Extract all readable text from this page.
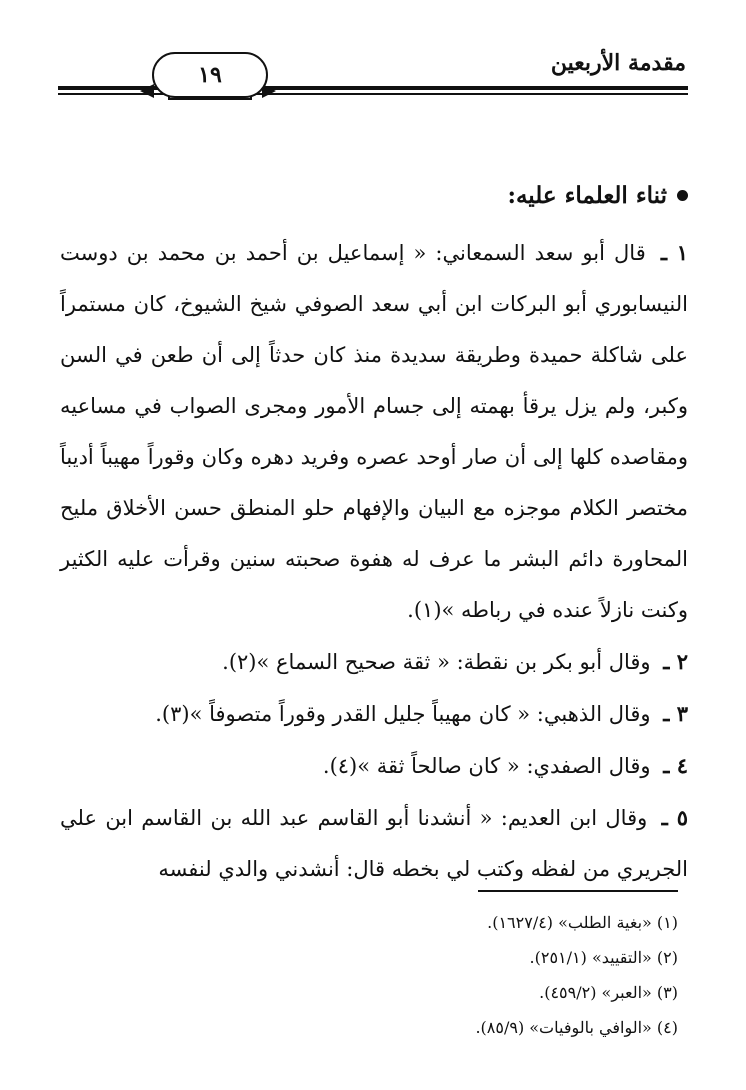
مقدمة الأربعين
١٩
ثناء العلماء عليه:

١ ـ قال أبو سعد السمعاني: « إسماعيل بن أحمد بن محمد بن دوست النيسابوري أبو البركات ابن أبي سعد الصوفي شيخ الشيوخ، كان مستمراً على شاكلة حميدة وطريقة سديدة منذ كان حدثاً إلى أن طعن في السن وكبر، ولم يزل يرقأ بهمته إلى جسام الأمور ومجرى الصواب في مساعيه ومقاصده كلها إلى أن صار أوحد عصره وفريد دهره وكان وقوراً مهيباً أديباً مختصر الكلام موجزه مع البيان والإفهام حلو المنطق حسن الأخلاق مليح المحاورة دائم البشر ما عرف له هفوة صحبته سنين وقرأت عليه الكثير وكنت نازلاً عنده في رباطه »(١).

٢ ـ وقال أبو بكر بن نقطة: « ثقة صحيح السماع »(٢).

٣ ـ وقال الذهبي: « كان مهيباً جليل القدر وقوراً متصوفاً »(٣).

٤ ـ وقال الصفدي: « كان صالحاً ثقة »(٤).

٥ ـ وقال ابن العديم: « أنشدنا أبو القاسم عبد الله بن القاسم ابن علي الجريري من لفظه وكتب لي بخطه قال: أنشدني والدي لنفسه

(١) «بغية الطلب» (١٦٢٧/٤).

(٢) «التقييد» (٢٥١/١).

(٣) «العبر» (٤٥٩/٢).

(٤) «الوافي بالوفيات» (٨٥/٩).
